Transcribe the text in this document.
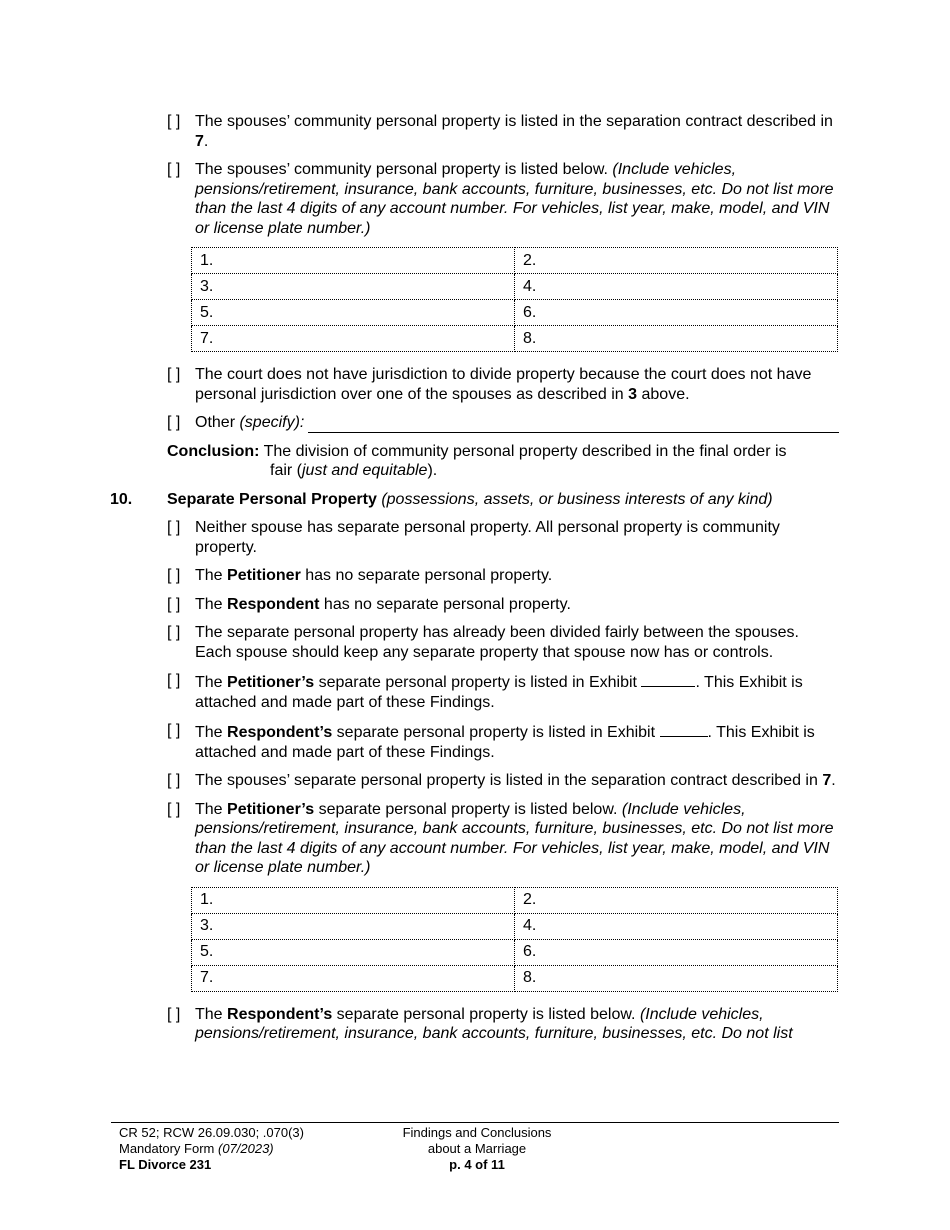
[ ] The spouses’ community personal property is listed in the separation contract described in 7.
[ ] The spouses’ community personal property is listed below. (Include vehicles, pensions/retirement, insurance, bank accounts, furniture, businesses, etc. Do not list more than the last 4 digits of any account number. For vehicles, list year, make, model, and VIN or license plate number.)
1.	2.
3.	4.
5.	6.
7.	8.
[ ] The court does not have jurisdiction to divide property because the court does not have personal jurisdiction over one of the spouses as described in 3 above.
[ ] Other (specify):
Conclusion: The division of community personal property described in the final order is
fair (just and equitable).
10. Separate Personal Property (possessions, assets, or business interests of any kind)
[ ] Neither spouse has separate personal property. All personal property is community property.
[ ] The Petitioner has no separate personal property.
[ ] The Respondent has no separate personal property.
[ ] The separate personal property has already been divided fairly between the spouses. Each spouse should keep any separate property that spouse now has or controls.
[ ] The Petitioner’s separate personal property is listed in Exhibit	. This Exhibit is attached and made part of these Findings.
[ ] The Respondent’s separate personal property is listed in Exhibit	. This Exhibit is attached and made part of these Findings.
[ ] The spouses’ separate personal property is listed in the separation contract described in 7.
[ ] The Petitioner’s separate personal property is listed below. (Include vehicles, pensions/retirement, insurance, bank accounts, furniture, businesses, etc. Do not list more than the last 4 digits of any account number. For vehicles, list year, make, model, and VIN or license plate number.)
1.	2.
3.	4.
5.	6.
7.	8.
[ ] The Respondent’s separate personal property is listed below. (Include vehicles, pensions/retirement, insurance, bank accounts, furniture, businesses, etc. Do not list
CR 52; RCW 26.09.030; .070(3)
Mandatory Form (07/2023)
FL Divorce 231
Findings and Conclusions
about a Marriage
p. 4 of 11
